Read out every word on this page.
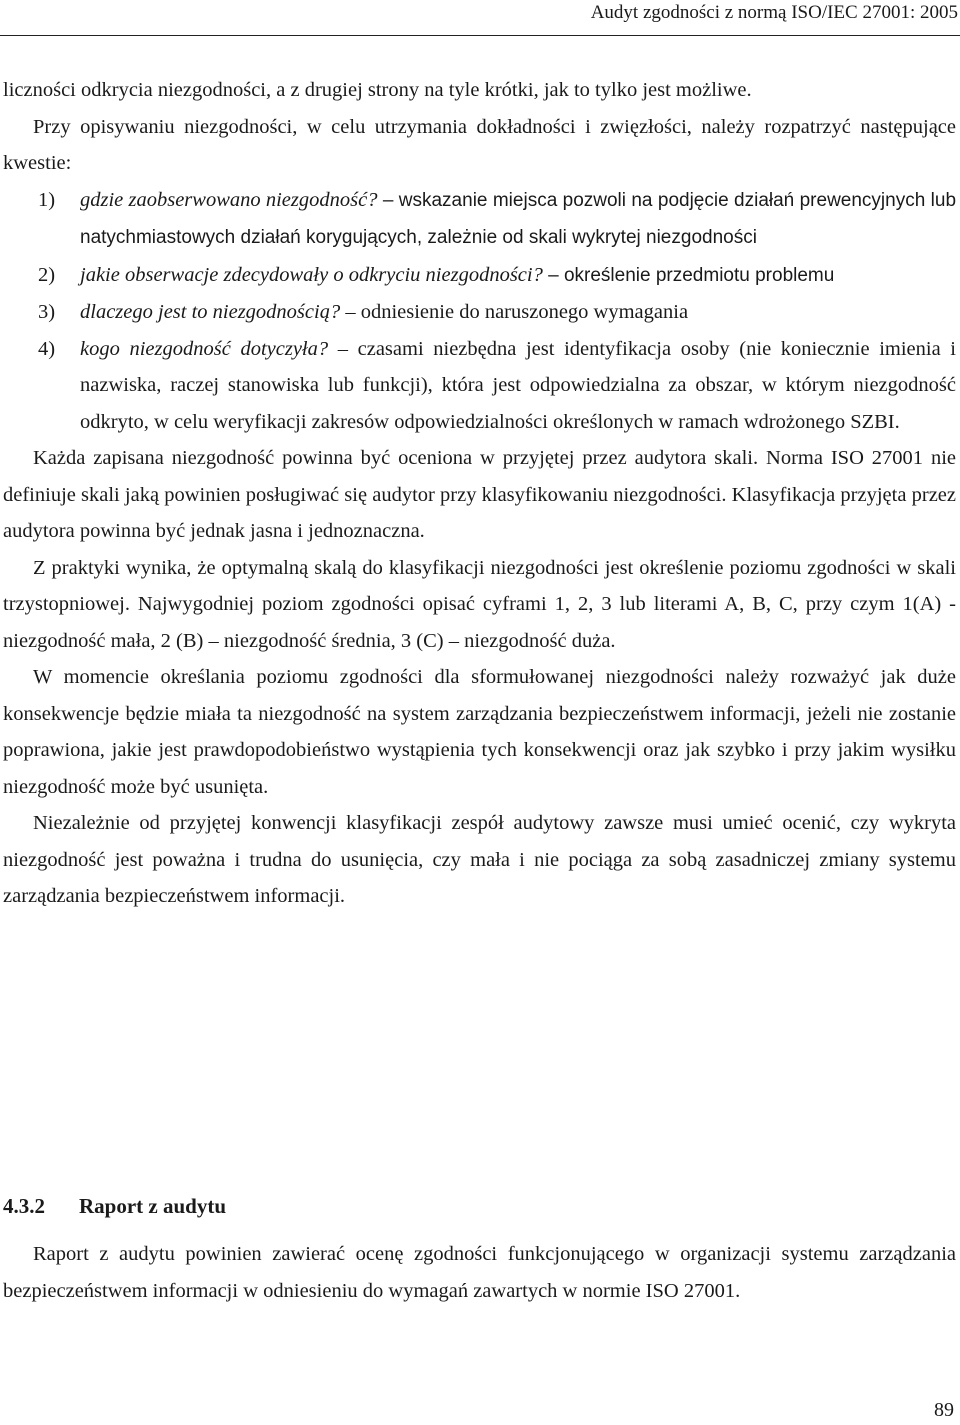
Audyt zgodności z normą ISO/IEC 27001: 2005

liczności odkrycia niezgodności, a z drugiej strony na tyle krótki, jak to tylko jest możliwe.

Przy opisywaniu niezgodności, w celu utrzymania dokładności i zwięzłości, należy rozpatrzyć następujące kwestie:

1) gdzie zaobserwowano niezgodność? – wskazanie miejsca pozwoli na podjęcie działań prewencyjnych lub natychmiastowych działań korygujących, zależnie od skali wykrytej niezgodności
2) jakie obserwacje zdecydowały o odkryciu niezgodności? – określenie przedmiotu problemu
3) dlaczego jest to niezgodnością? – odniesienie do naruszonego wymagania
4) kogo niezgodność dotyczyła? – czasami niezbędna jest identyfikacja osoby (nie koniecznie imienia i nazwiska, raczej stanowiska lub funkcji), która jest odpowiedzialna za obszar, w którym niezgodność odkryto, w celu weryfikacji zakresów odpowiedzialności określonych w ramach wdrożonego SZBI.

Każda zapisana niezgodność powinna być oceniona w przyjętej przez audytora skali. Norma ISO 27001 nie definiuje skali jaką powinien posługiwać się audytor przy klasyfikowaniu niezgodności. Klasyfikacja przyjęta przez audytora powinna być jednak jasna i jednoznaczna.

Z praktyki wynika, że optymalną skalą do klasyfikacji niezgodności jest określenie poziomu zgodności w skali trzystopniowej. Najwygodniej poziom zgodności opisać cyframi 1, 2, 3 lub literami A, B, C, przy czym 1(A) - niezgodność mała, 2 (B) – niezgodność średnia, 3 (C) – niezgodność duża.

W momencie określania poziomu zgodności dla sformułowanej niezgodności należy rozważyć jak duże konsekwencje będzie miała ta niezgodność na system zarządzania bezpieczeństwem informacji, jeżeli nie zostanie poprawiona, jakie jest prawdopodobieństwo wystąpienia tych konsekwencji oraz jak szybko i przy jakim wysiłku niezgodność może być usunięta.

Niezależnie od przyjętej konwencji klasyfikacji zespół audytowy zawsze musi umieć ocenić, czy wykryta niezgodność jest poważna i trudna do usunięcia, czy mała i nie pociąga za sobą zasadniczej zmiany systemu zarządzania bezpieczeństwem informacji.

4.3.2 Raport z audytu

Raport z audytu powinien zawierać ocenę zgodności funkcjonującego w organizacji systemu zarządzania bezpieczeństwem informacji w odniesieniu do wymagań zawartych w normie ISO 27001.

89
